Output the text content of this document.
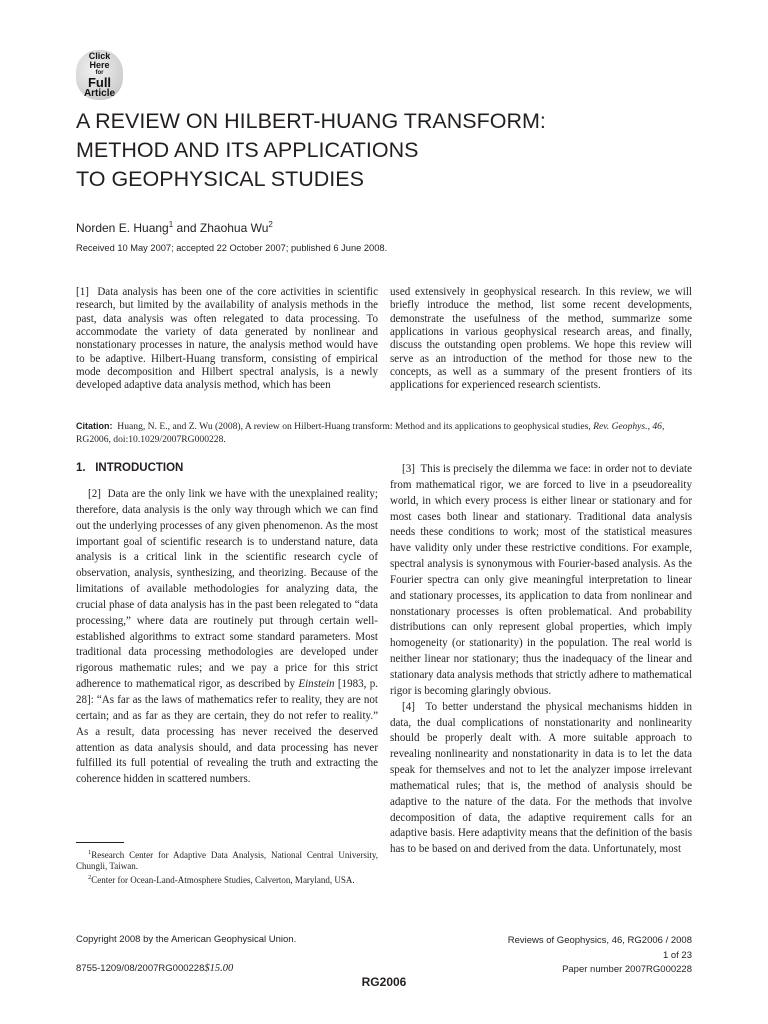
Click
Here
for
Full
Article
A REVIEW ON HILBERT-HUANG TRANSFORM:
METHOD AND ITS APPLICATIONS
TO GEOPHYSICAL STUDIES
Norden E. Huang$^1$ and Zhaohua Wu$^2$
Received 10 May 2007; accepted 22 October 2007; published 6 June 2008.

[1] Data analysis has been one of the core activities in scientific research, but limited by the availability of analysis methods in the past, data analysis was often relegated to data processing. To accommodate the variety of data generated by nonlinear and nonstationary processes in nature, the analysis method would have to be adaptive. Hilbert-Huang transform, consisting of empirical mode decomposition and Hilbert spectral analysis, is a newly developed adaptive data analysis method, which has been

used extensively in geophysical research. In this review, we will briefly introduce the method, list some recent developments, demonstrate the usefulness of the method, summarize some applications in various geophysical research areas, and finally, discuss the outstanding open problems. We hope this review will serve as an introduction of the method for those new to the concepts, as well as a summary of the present frontiers of its applications for experienced research scientists.

Citation: Huang, N. E., and Z. Wu (2008), A review on Hilbert-Huang transform: Method and its applications to geophysical studies, Rev. Geophys., 46, RG2006, doi:10.1029/2007RG000228.
1. INTRODUCTION

[2] Data are the only link we have with the unexplained reality; therefore, data analysis is the only way through which we can find out the underlying processes of any given phenomenon. As the most important goal of scientific research is to understand nature, data analysis is a critical link in the scientific research cycle of observation, analysis, synthesizing, and theorizing. Because of the limitations of available methodologies for analyzing data, the crucial phase of data analysis has in the past been relegated to “data processing,” where data are routinely put through certain well-established algorithms to extract some standard parameters. Most traditional data processing methodologies are developed under rigorous mathematic rules; and we pay a price for this strict adherence to mathematical rigor, as described by Einstein [1983, p. 28]: “As far as the laws of mathematics refer to reality, they are not certain; and as far as they are certain, they do not refer to reality.” As a result, data processing has never received the deserved attention as data analysis should, and data processing has never fulfilled its full potential of revealing the truth and extracting the coherence hidden in scattered numbers.

[3] This is precisely the dilemma we face: in order not to deviate from mathematical rigor, we are forced to live in a pseudoreality world, in which every process is either linear or stationary and for most cases both linear and stationary. Traditional data analysis needs these conditions to work; most of the statistical measures have validity only under these restrictive conditions. For example, spectral analysis is synonymous with Fourier-based analysis. As the Fourier spectra can only give meaningful interpretation to linear and stationary processes, its application to data from nonlinear and nonstationary processes is often problematical. And probability distributions can only represent global properties, which imply homogeneity (or stationarity) in the population. The real world is neither linear nor stationary; thus the inadequacy of the linear and stationary data analysis methods that strictly adhere to mathematical rigor is becoming glaringly obvious.

[4] To better understand the physical mechanisms hidden in data, the dual complications of nonstationarity and nonlinearity should be properly dealt with. A more suitable approach to revealing nonlinearity and nonstationarity in data is to let the data speak for themselves and not to let the analyzer impose irrelevant mathematical rules; that is, the method of analysis should be adaptive to the nature of the data. For the methods that involve decomposition of data, the adaptive requirement calls for an adaptive basis. Here adaptivity means that the definition of the basis has to be based on and derived from the data. Unfortunately, most

$^1$Research Center for Adaptive Data Analysis, National Central University, Chungli, Taiwan.

$^2$Center for Ocean-Land-Atmosphere Studies, Calverton, Maryland, USA.

Copyright 2008 by the American Geophysical Union.	Reviews of Geophysics, 46, RG2006 / 2008
1 of 23
Paper number 2007RG000228
8755-1209/08/2007RG000228$15.00
RG2006
